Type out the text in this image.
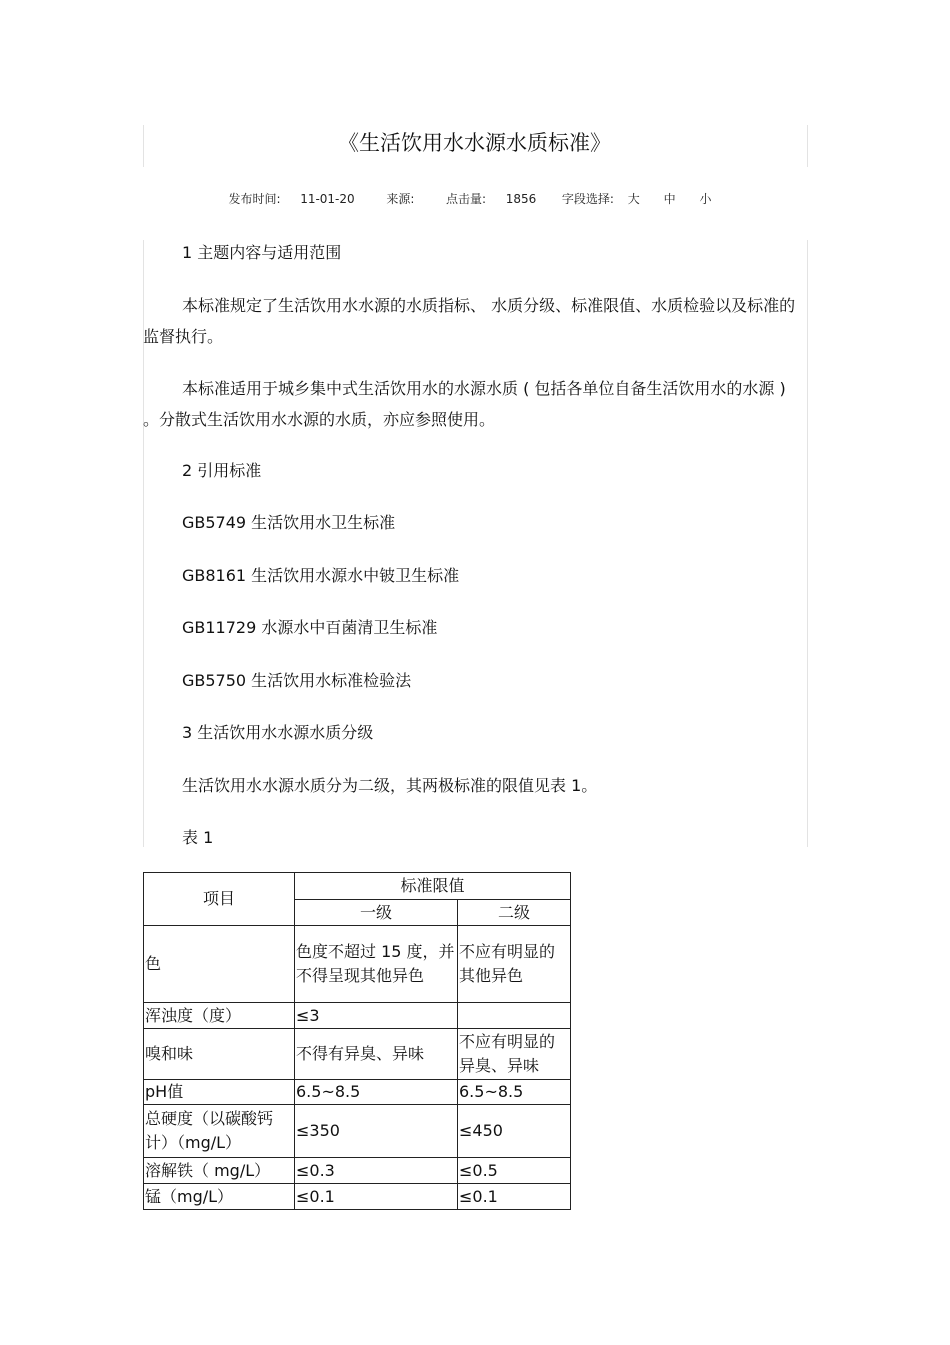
《生活饮用水水源水质标准》
发布时间: 11-01-20	来源:	点击量: 1856 字段选择: 大 中 小

1 主题内容与适用范围

本标准规定了生活饮用水水源的水质指标、 水质分级、标准限值、水质检验以及标准的监督执行。

本标准适用于城乡集中式生活饮用水的水源水质 ( 包括各单位自备生活饮用水的水源 ) 。分散式生活饮用水水源的水质，亦应参照使用。

2 引用标准

GB5749 生活饮用水卫生标准

GB8161 生活饮用水源水中铍卫生标准

GB11729 水源水中百菌清卫生标准

GB5750 生活饮用水标准检验法

3 生活饮用水水源水质分级

生活饮用水水源水质分为二级，其两极标准的限值见表 1。

表 1

项目	标准限值	
	一级	二级
色	色度不超过 15 度，并不得呈现其他异色	不应有明显的其他异色
浑浊度（度）	≤3	
嗅和味	不得有异臭、异味	不应有明显的异臭、异味
pH值	6.5~8.5	6.5~8.5
总硬度（以碳酸钙计）（mg/L）	≤350	≤450
溶解铁（ mg/L）	≤0.3	≤0.5
锰（mg/L）	≤0.1	≤0.1
